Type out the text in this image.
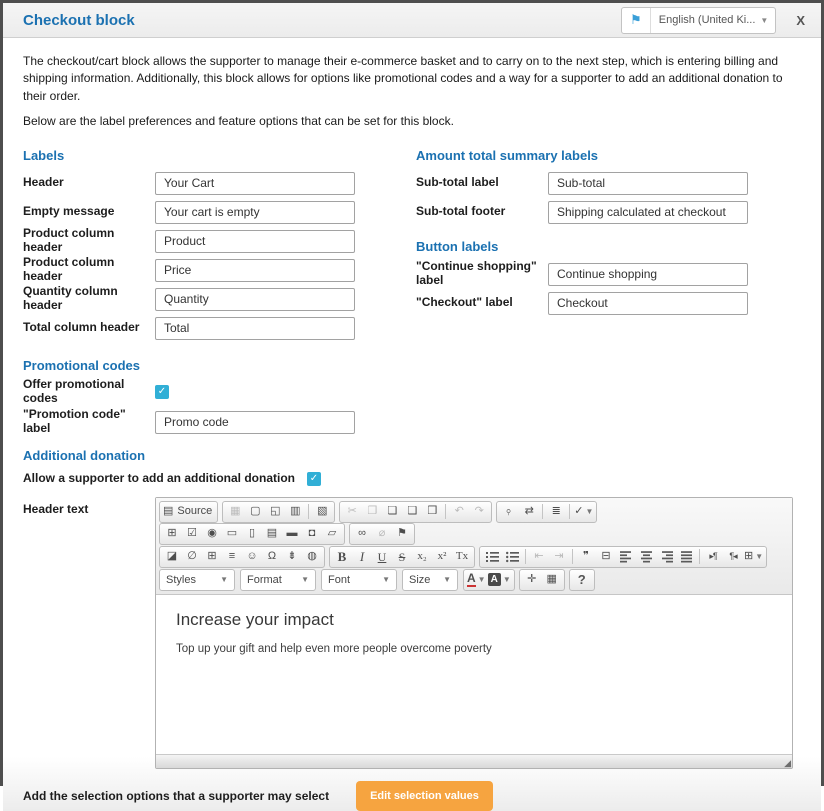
Checkout block	⚑	English (United Ki... ▼	X

The checkout/cart block allows the supporter to manage their e-commerce basket and to carry on to the next step, which is entering billing and shipping information. Additionally, this block allows for options like promotional codes and a way for a supporter to add an additional donation to their order.

Below are the label preferences and feature options that can be set for this block.

Labels
Header
Your Cart
Empty message
Your cart is empty
Product column header
Product
Product column header
Price
Quantity column header
Quantity
Total column header
Total
Amount total summary labels
Sub-total label
Sub-total
Sub-total footer
Shipping calculated at checkout
Button labels
"Continue shopping" label
Continue shopping
"Checkout" label
Checkout
Promotional codes
Offer promotional codes	✓
"Promotion code" label
Promo code
Additional donation
Allow a supporter to add an additional donation ✓
Header text	▤ Source ▦ ▢ ◱ ▥ ▧ ✂ ❐ ❏ ❑ ❒ ↶ ↷ ⌕ ⇄ ≣ ✓ ▼
⊞ ☑ ◉ ▭ ▯ ▤ ▬ ◘ ▱ ∞ ⌀ ⚑
◪ ∅ ⊞ ≡ ☺ Ω ⇟ ◍ B I U S x₂ x² Tx	⇤ ⇥ ❞ ⊟	▸¶ ¶◂ ⊞ ▼
Styles	▼ Format ▼ Font	▼ Size ▼ A ▼ A ▼ ✛ ▦ ?
Increase your impact

Top up your gift and help even more people overcome poverty

◢
Add the selection options that a supporter may select	Edit selection values
